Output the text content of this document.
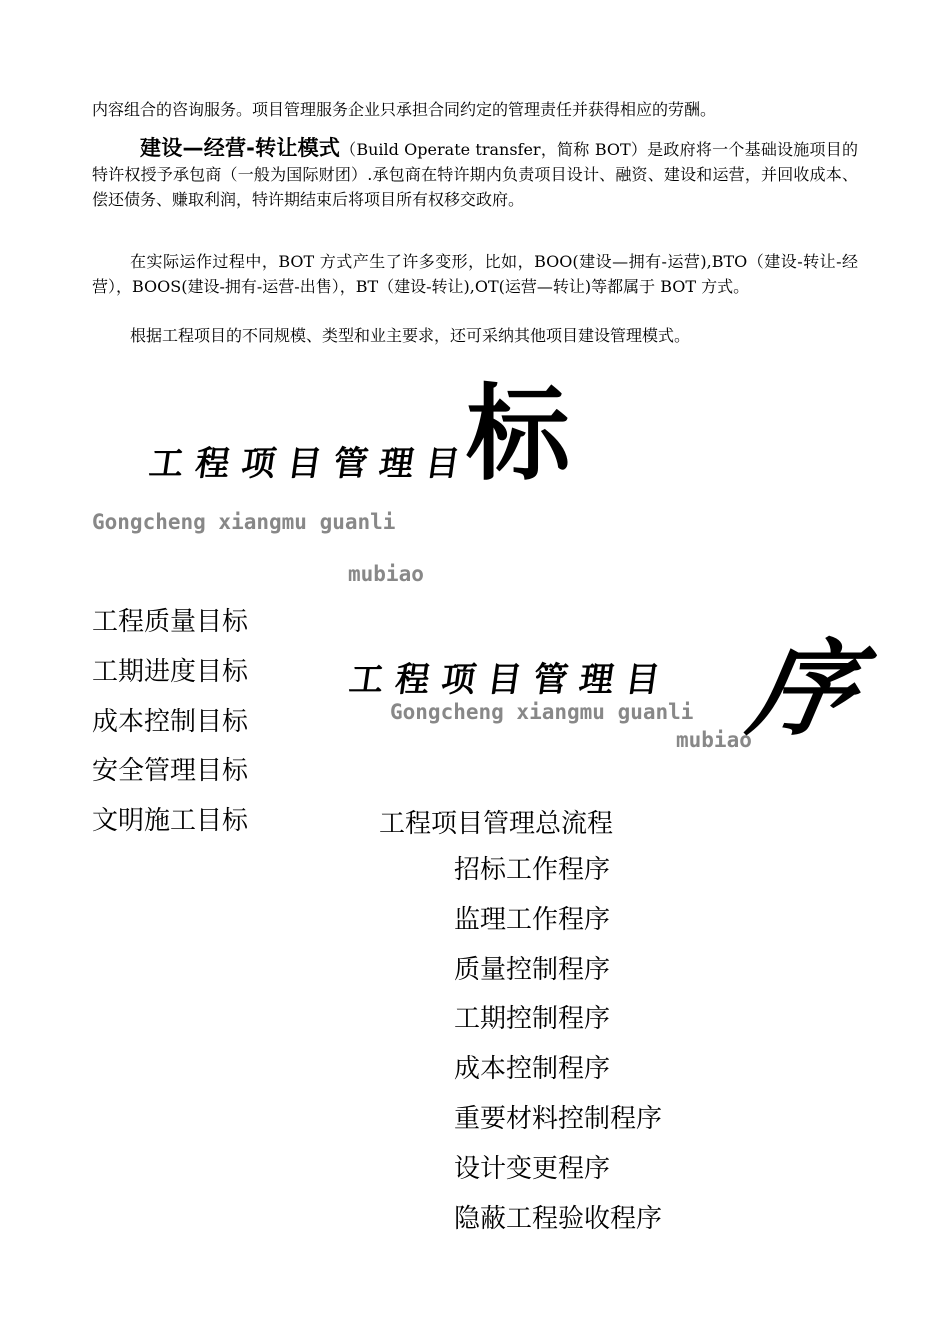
内容组合的咨询服务。项目管理服务企业只承担合同约定的管理责任并获得相应的劳酬。
建设—经营-转让模式（Build Operate transfer，简称 BOT）是政府将一个基础设施项目的特许权授予承包商（一般为国际财团）.承包商在特许期内负责项目设计、融资、建设和运营，并回收成本、偿还债务、赚取利润，特许期结束后将项目所有权移交政府。
在实际运作过程中，BOT 方式产生了许多变形，比如，BOO(建设—拥有-运营),BTO（建设-转让-经营），BOOS(建设-拥有-运营-出售），BT（建设-转让),OT(运营—转让)等都属于 BOT 方式。
根据工程项目的不同规模、类型和业主要求，还可采纳其他项目建设管理模式。
工程项目管理目
标
Gongcheng xiangmu guanli
mubiao
工程质量目标
工期进度目标
成本控制目标
安全管理目标
文明施工目标
工程项目管理目
Gongcheng xiangmu guanli
mubiao
序
工程项目管理总流程
招标工作程序
监理工作程序
质量控制程序
工期控制程序
成本控制程序
重要材料控制程序
设计变更程序
隐蔽工程验收程序
